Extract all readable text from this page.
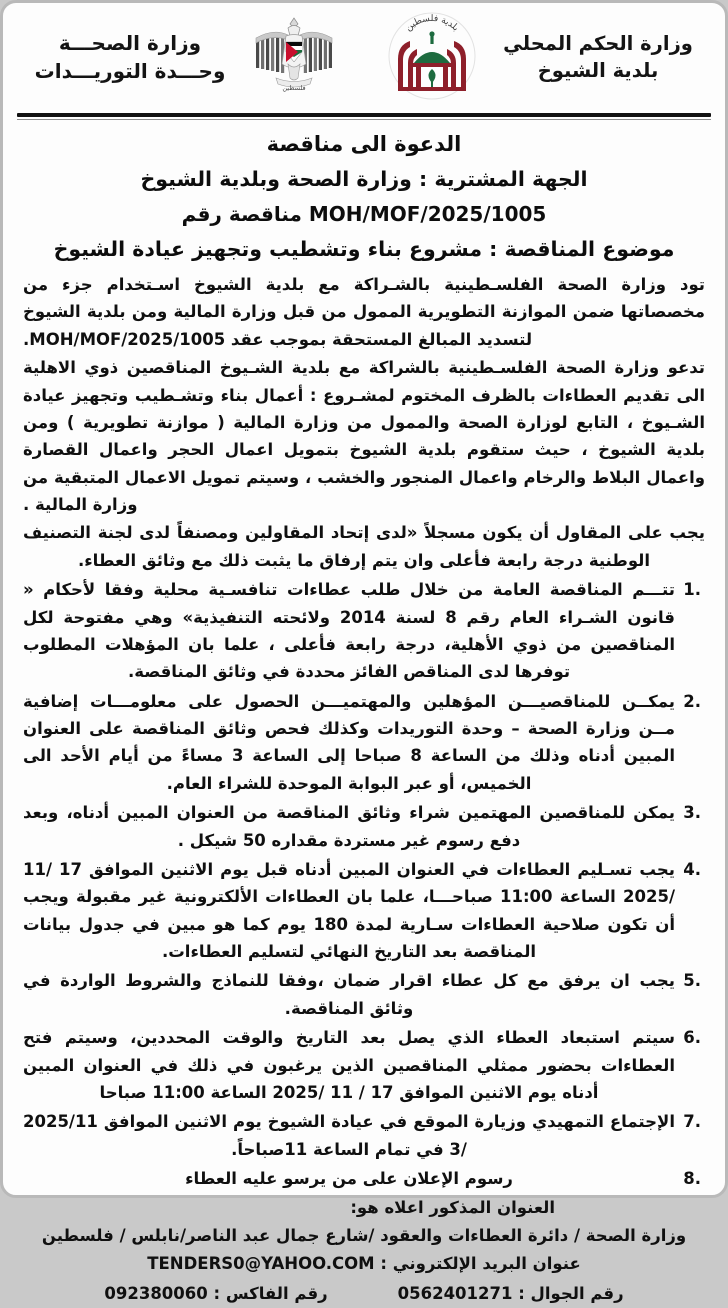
وزارة الصحـــة
وحـــدة التوريـــدات
فلسطين
بلدية فلسطين
وزارة الحكم المحلي
بلدية الشيوخ
الدعوة الى مناقصة
الجهة المشترية : وزارة الصحة وبلدية الشيوخ
مناقصة رقم MOH/MOF/2025/1005
موضوع المناقصة : مشروع بناء وتشطيب وتجهيز عيادة الشيوخ

تود وزارة الصحة الفلسـطينية بالشـراكة مع بلدية الشيوخ اسـتخدام جزء من مخصصاتها ضمن الموازنة التطويرية الممول من قبل وزارة المالية ومن بلدية الشيوخ لتسديد المبالغ المستحقة بموجب عقد MOH/MOF/2025/1005.

تدعو وزارة الصحة الفلسـطينية بالشراكة مع بلدية الشـيوخ المناقصين ذوي الاهلية الى تقديم العطاءات بالظرف المختوم لمشـروع : أعمال بناء وتشـطيب وتجهيز عيادة الشـيوخ ، التابع لوزارة الصحة والممول من وزارة المالية ( موازنة تطويرية ) ومن بلدية الشيوخ ، حيث ستقوم بلدية الشيوخ بتمويل اعمال الحجر واعمال القصارة واعمال البلاط والرخام واعمال المنجور والخشب ، وسيتم تمويل الاعمال المتبقية من وزارة المالية .

يجب على المقاول أن يكون مسجلاً «لدى إتحاد المقاولين ومصنفاً لدى لجنة التصنيف الوطنية درجة رابعة فأعلى وان يتم إرفاق ما يثبت ذلك مع وثائق العطاء.

تتـــم المناقصة العامة من خلال طلب عطاءات تنافسـية محلية وفقا لأحكام « قانون الشـراء العام رقم 8 لسنة 2014 ولائحته التنفيذية» وهي مفتوحة لكل المناقصين من ذوي الأهلية، درجة رابعة فأعلى ، علما بان المؤهلات المطلوب توفرها لدى المناقص الفائز محددة في وثائق المناقصة.
يمكــن للمناقصيـــن المؤهلين والمهتميـــن الحصول على معلومـــات إضافية مــن وزارة الصحة – وحدة التوريدات وكذلك فحص وثائق المناقصة على العنوان المبين أدناه وذلك من الساعة 8 صباحا إلى الساعة 3 مساءً من أيام الأحد الى الخميس، أو عبر البوابة الموحدة للشراء العام.
يمكن للمناقصين المهتمين شراء وثائق المناقصة من العنوان المبين أدناه، وبعد دفع رسوم غير مستردة مقداره 50 شيكل .
يجب تسـليم العطاءات في العنوان المبين أدناه قبل يوم الاثنين الموافق 17 /11 /2025 الساعة 11:00 صباحـــا، علما بان العطاءات الألكترونية غير مقبولة ويجب أن تكون صلاحية العطاءات سـارية لمدة 180 يوم كما هو مبين في جدول بيانات المناقصة بعد التاريخ النهائي لتسليم العطاءات.
يجب ان يرفق مع كل عطاء اقرار ضمان ،وفقا للنماذج والشروط الواردة في وثائق المناقصة.
سيتم استبعاد العطاء الذي يصل بعد التاريخ والوقت المحددين، وسيتم فتح العطاءات بحضور ممثلي المناقصين الذين يرغبون في ذلك في العنوان المبين أدناه يوم الاثنين الموافق 17 / 11 /2025 الساعة 11:00 صباحا
الإجتماع التمهيدي وزيارة الموقع في عيادة الشيوخ يوم الاثنين الموافق 2025/11 /3 في تمام الساعة 11صباحاً.
رسوم الإعلان على من يرسو عليه العطاء
العنوان المذكور اعلاه هو:
وزارة الصحة / دائرة العطاءات والعقود /شارع جمال عبد الناصر/نابلس / فلسطين
عنوان البريد الإلكتروني : TENDERS0@YAHOO.COM
رقم الفاكس : 092380060	رقم الجوال : 0562401271
